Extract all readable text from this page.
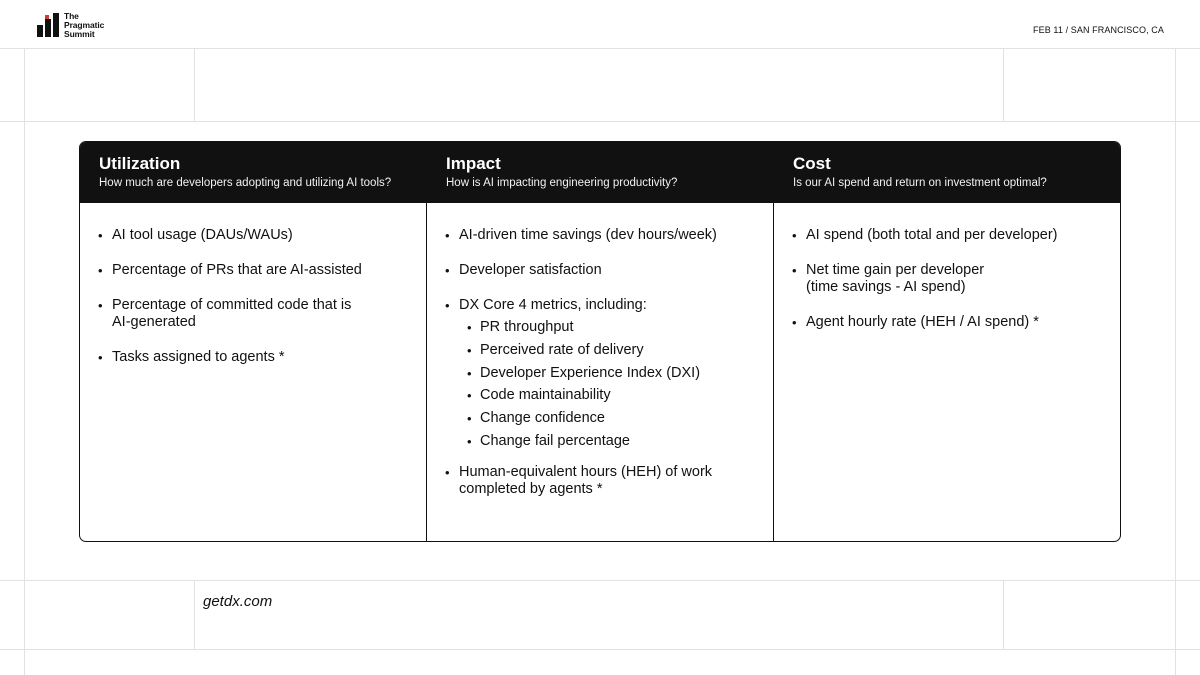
The
Pragmatic
Summit	FEB 11 / SAN FRANCISCO, CA
Utilization
How much are developers adopting and utilizing AI tools?
• AI tool usage (DAUs/WAUs)
• Percentage of PRs that are AI-assisted
• Percentage of committed code that is
AI-generated
• Tasks assigned to agents *
Impact
How is AI impacting engineering productivity?
• AI-driven time savings (dev hours/week)
• Developer satisfaction
• DX Core 4 metrics, including:
• PR throughput
• Perceived rate of delivery
• Developer Experience Index (DXI)
• Code maintainability
• Change confidence
• Change fail percentage
• Human-equivalent hours (HEH) of work
completed by agents *
Cost
Is our AI spend and return on investment optimal?
• AI spend (both total and per developer)
• Net time gain per developer
(time savings - AI spend)
• Agent hourly rate (HEH / AI spend) *
getdx.com
